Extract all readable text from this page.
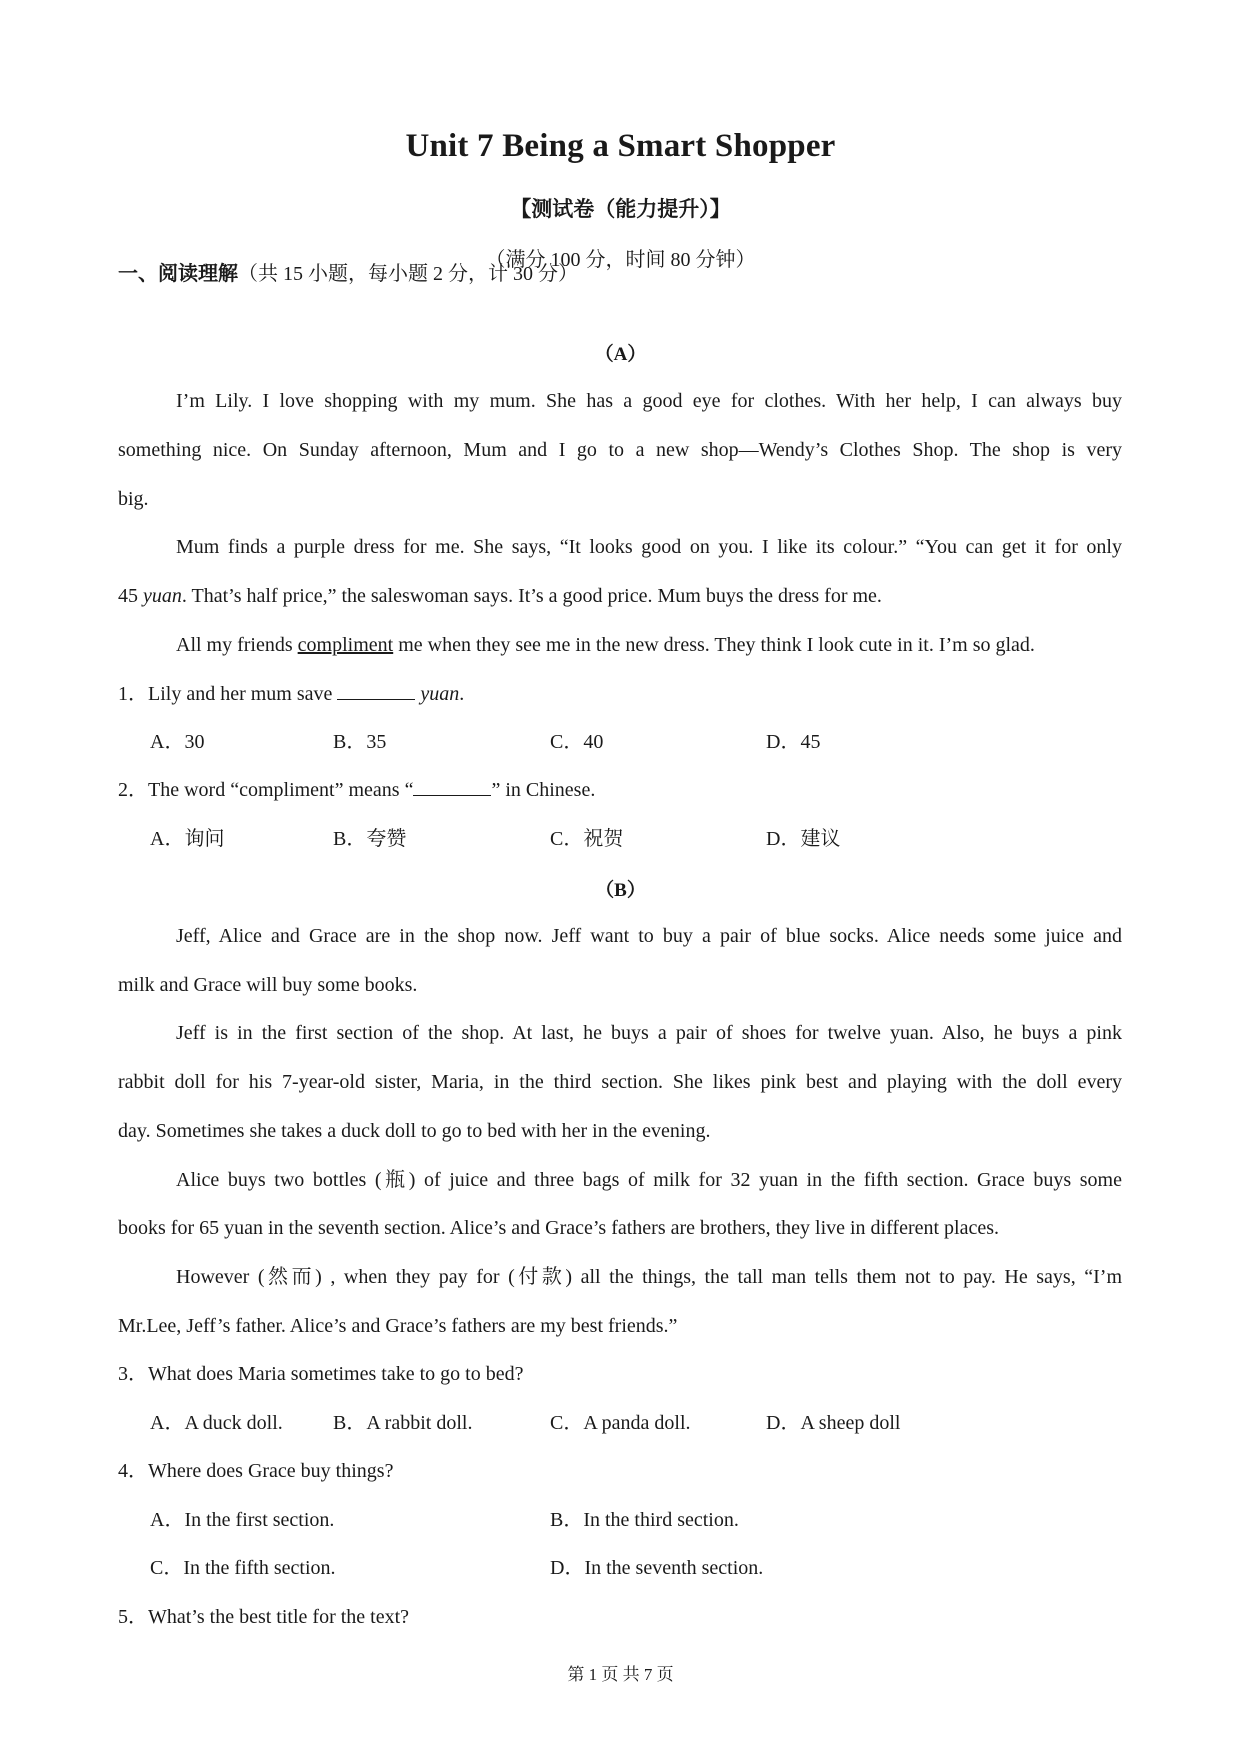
Unit 7 Being a Smart Shopper
【测试卷（能力提升）】
（满分 100 分，时间 80 分钟）
一、阅读理解（共 15 小题，每小题 2 分，计 30 分）
（A）
I’m Lily. I love shopping with my mum. She has a good eye for clothes. With her help, I can always buy
something nice. On Sunday afternoon, Mum and I go to a new shop—Wendy’s Clothes Shop. The shop is very
big.
Mum finds a purple dress for me. She says, “It looks good on you. I like its colour.” “You can get it for only
45 yuan. That’s half price,” the saleswoman says. It’s a good price. Mum buys the dress for me.
All my friends compliment me when they see me in the new dress. They think I look cute in it. I’m so glad.
1．Lily and her mum save	yuan.
A．30	B．35	C．40	D．45
2．The word “compliment” means “	” in Chinese.
A．询问	B．夸赞	C．祝贺	D．建议
（B）
Jeff, Alice and Grace are in the shop now. Jeff want to buy a pair of blue socks. Alice needs some juice and
milk and Grace will buy some books.
Jeff is in the first section of the shop. At last, he buys a pair of shoes for twelve yuan. Also, he buys a pink
rabbit doll for his 7-year-old sister, Maria, in the third section. She likes pink best and playing with the doll every
day. Sometimes she takes a duck doll to go to bed with her in the evening.
Alice buys two bottles (瓶) of juice and three bags of milk for 32 yuan in the fifth section. Grace buys some
books for 65 yuan in the seventh section. Alice’s and Grace’s fathers are brothers, they live in different places.
However (然而) , when they pay for (付款) all the things, the tall man tells them not to pay. He says, “I’m
Mr.Lee, Jeff’s father. Alice’s and Grace’s fathers are my best friends.”
3．What does Maria sometimes take to go to bed?
A．A duck doll.	B．A rabbit doll.	C．A panda doll.	D．A sheep doll
4．Where does Grace buy things?
A．In the first section.	B．In the third section.
C．In the fifth section.	D．In the seventh section.
5．What’s the best title for the text?
第 1 页 共 7 页
